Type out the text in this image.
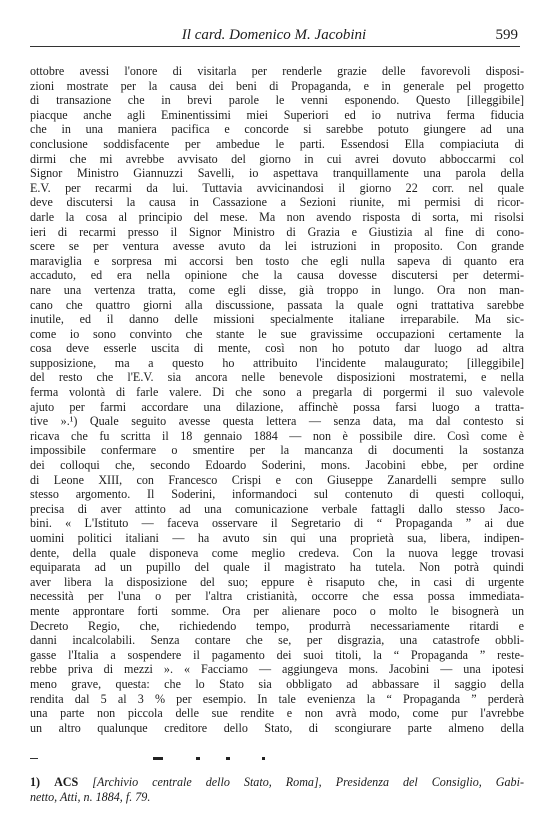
Il card. Domenico M. Jacobini	599
ottobre avessi l'onore di visitarla per renderle grazie delle favorevoli disposi-
zioni mostrate per la causa dei beni di Propaganda, e in generale pel progetto
di transazione che in brevi parole le venni esponendo. Questo [illeggibile]
piacque anche agli Eminentissimi miei Superiori ed io nutriva ferma fiducia
che in una maniera pacifica e concorde si sarebbe potuto giungere ad una
conclusione soddisfacente per ambedue le parti. Essendosi Ella compiaciuta di
dirmi che mi avrebbe avvisato del giorno in cui avrei dovuto abboccarmi col
Signor Ministro Giannuzzi Savelli, io aspettava tranquillamente una parola della
E.V. per recarmi da lui. Tuttavia avvicinandosi il giorno 22 corr. nel quale
deve discutersi la causa in Cassazione a Sezioni riunite, mi permisi di ricor-
darle la cosa al principio del mese. Ma non avendo risposta di sorta, mi risolsi
ieri di recarmi presso il Signor Ministro di Grazia e Giustizia al fine di cono-
scere se per ventura avesse avuto da lei istruzioni in proposito. Con grande
maraviglia e sorpresa mi accorsi ben tosto che egli nulla sapeva di quanto era
accaduto, ed era nella opinione che la causa dovesse discutersi per determi-
nare una vertenza tratta, come egli disse, già troppo in lungo. Ora non man-
cano che quattro giorni alla discussione, passata la quale ogni trattativa sarebbe
inutile, ed il danno delle missioni specialmente italiane irreparabile. Ma sic-
come io sono convinto che stante le sue gravissime occupazioni certamente la
cosa deve esserle uscita di mente, così non ho potuto dar luogo ad altra
supposizione, ma a questo ho attribuito l'incidente malaugurato; [illeggibile]
del resto che l'E.V. sia ancora nelle benevole disposizioni mostratemi, e nella
ferma volontà di farle valere. Di che sono a pregarla di porgermi il suo valevole
ajuto per farmi accordare una dilazione, affinchè possa farsi luogo a tratta-
tive ».¹) Quale seguito avesse questa lettera — senza data, ma dal contesto si
ricava che fu scritta il 18 gennaio 1884 — non è possibile dire. Così come è
impossibile confermare o smentire per la mancanza di documenti la sostanza
dei colloqui che, secondo Edoardo Soderini, mons. Jacobini ebbe, per ordine
di Leone XIII, con Francesco Crispi e con Giuseppe Zanardelli sempre sullo
stesso argomento. Il Soderini, informandoci sul contenuto di questi colloqui,
precisa di aver attinto ad una comunicazione verbale fattagli dallo stesso Jaco-
bini. « L'Istituto — faceva osservare il Segretario di “ Propaganda ” ai due
uomini politici italiani — ha avuto sin qui una proprietà sua, libera, indipen-
dente, della quale disponeva come meglio credeva. Con la nuova legge trovasi
equiparata ad un pupillo del quale il magistrato ha tutela. Non potrà quindi
aver libera la disposizione del suo; eppure è risaputo che, in casi di urgente
necessità per l'una o per l'altra cristianità, occorre che essa possa immediata-
mente approntare forti somme. Ora per alienare poco o molto le bisognerà un
Decreto Regio, che, richiedendo tempo, produrrà necessariamente ritardi e
danni incalcolabili. Senza contare che se, per disgrazia, una catastrofe obbli-
gasse l'Italia a sospendere il pagamento dei suoi titoli, la “ Propaganda ” reste-
rebbe priva di mezzi ». « Facciamo — aggiungeva mons. Jacobini — una ipotesi
meno grave, questa: che lo Stato sia obbligato ad abbassare il saggio della
rendita dal 5 al 3 % per esempio. In tale evenienza la “ Propaganda ” perderà
una parte non piccola delle sue rendite e non avrà modo, come pur l'avrebbe
un altro qualunque creditore dello Stato, di scongiurare parte almeno della
1) ACS [Archivio centrale dello Stato, Roma], Presidenza del Consiglio, Gabi-
netto, Atti, n. 1884, f. 79.
